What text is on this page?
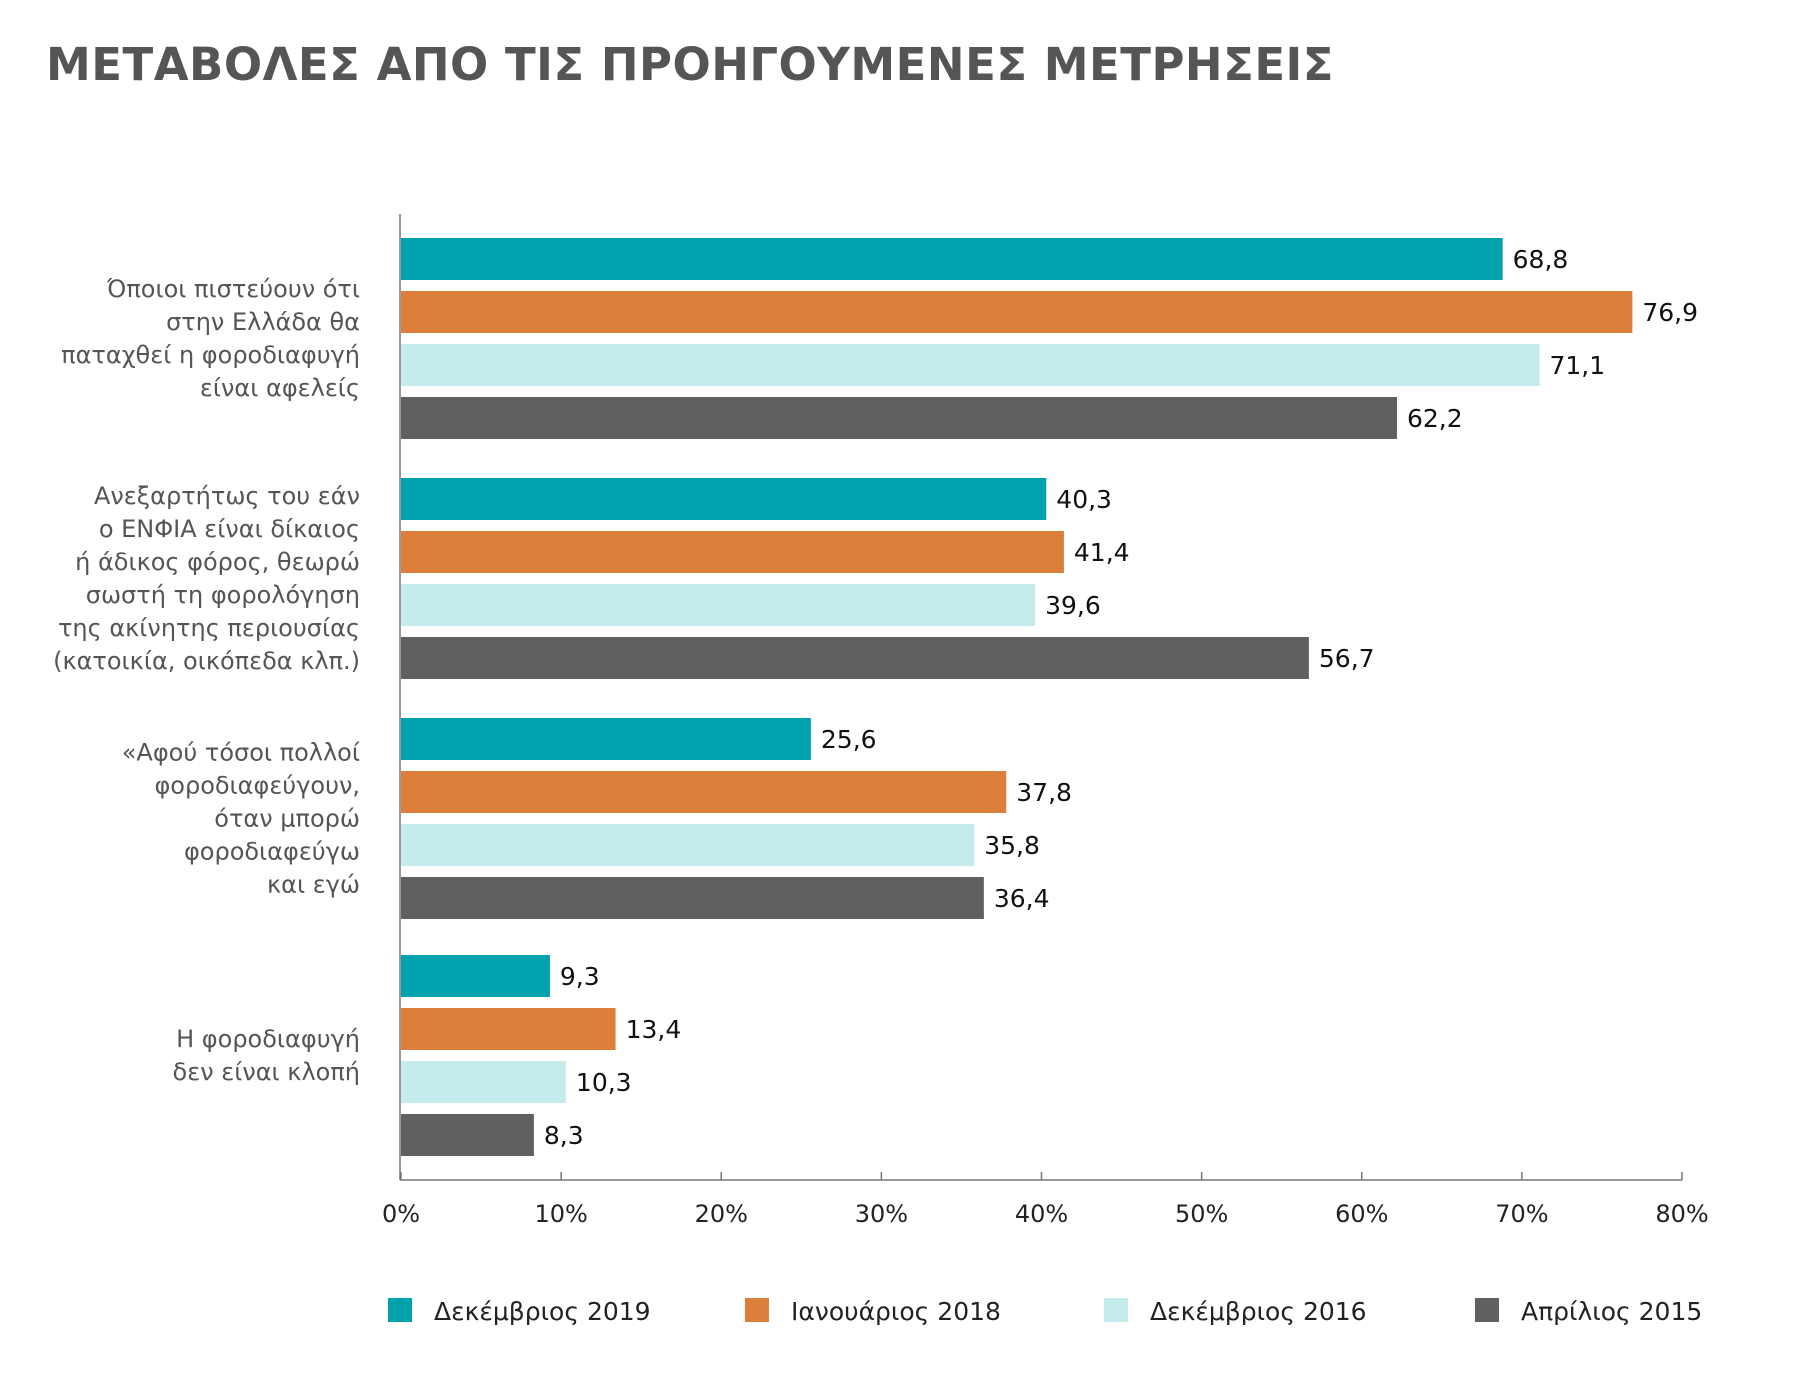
ΜΕΤΑΒΟΛΕΣ ΑΠΟ ΤΙΣ ΠΡΟΗΓΟΥΜΕΝΕΣ ΜΕΤΡΗΣΕΙΣ
68,8
76,9
71,1
62,2
40,3
41,4
39,6
56,7
25,6
37,8
35,8
36,4
9,3
13,4
10,3
8,3
Όποιοι πιστεύουν ότι στην Ελλάδα θα παταχθεί η φοροδιαφυγή είναι αφελείς
Ανεξαρτήτως του εάν ο ΕΝΦΙΑ είναι δίκαιος ή άδικος φόρος, θεωρώ σωστή τη φορολόγηση της ακίνητης περιουσίας (κατοικία, οικόπεδα κλπ.)
«Αφού τόσοι πολλοί φοροδιαφεύγουν, όταν μπορώ φοροδιαφεύγω και εγώ
Η φοροδιαφυγή δεν είναι κλοπή
0%	10%	20%	30%	40%	50%	60%	70%	80%
Δεκέμβριος 2019	Ιανουάριος 2018	Δεκέμβριος 2016	Απρίλιος 2015
